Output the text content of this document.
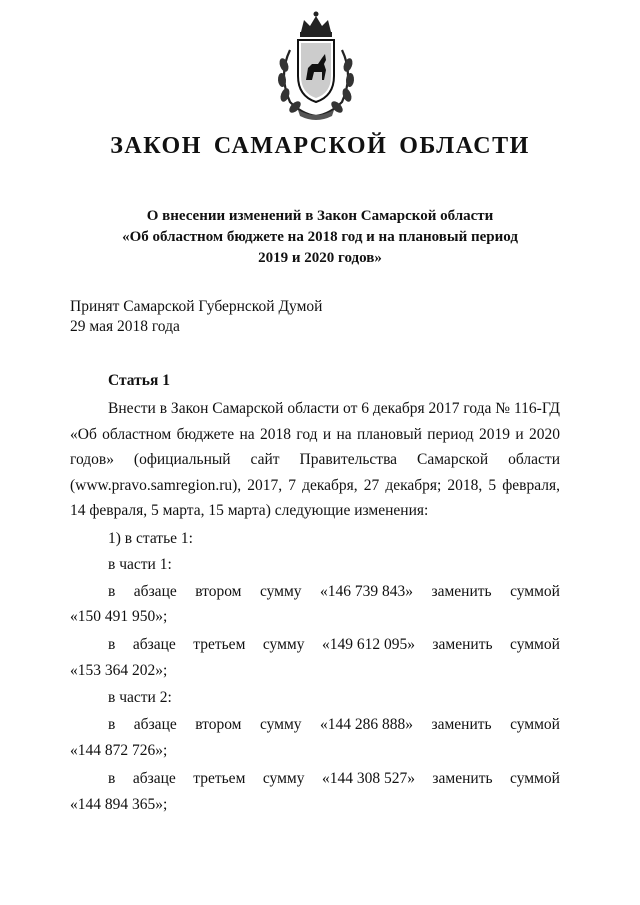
ЗАКОН САМАРСКОЙ ОБЛАСТИ
О внесении изменений в Закон Самарской области
«Об областном бюджете на 2018 год и на плановый период
2019 и 2020 годов»
Принят Самарской Губернской Думой
29 мая 2018 года
Статья 1
Внести в Закон Самарской области от 6 декабря 2017 года № 116-ГД «Об областном бюджете на 2018 год и на плановый период 2019 и 2020 годов» (официальный сайт Правительства Самарской области (www.pravo.samregion.ru), 2017, 7 декабря, 27 декабря; 2018, 5 февраля, 14 февраля, 5 марта, 15 марта) следующие изменения:
1) в статье 1:
в части 1:
в абзаце втором сумму «146 739 843» заменить суммой
«150 491 950»;
в абзаце третьем сумму «149 612 095» заменить суммой
«153 364 202»;
в части 2:
в абзаце втором сумму «144 286 888» заменить суммой
«144 872 726»;
в абзаце третьем сумму «144 308 527» заменить суммой
«144 894 365»;
